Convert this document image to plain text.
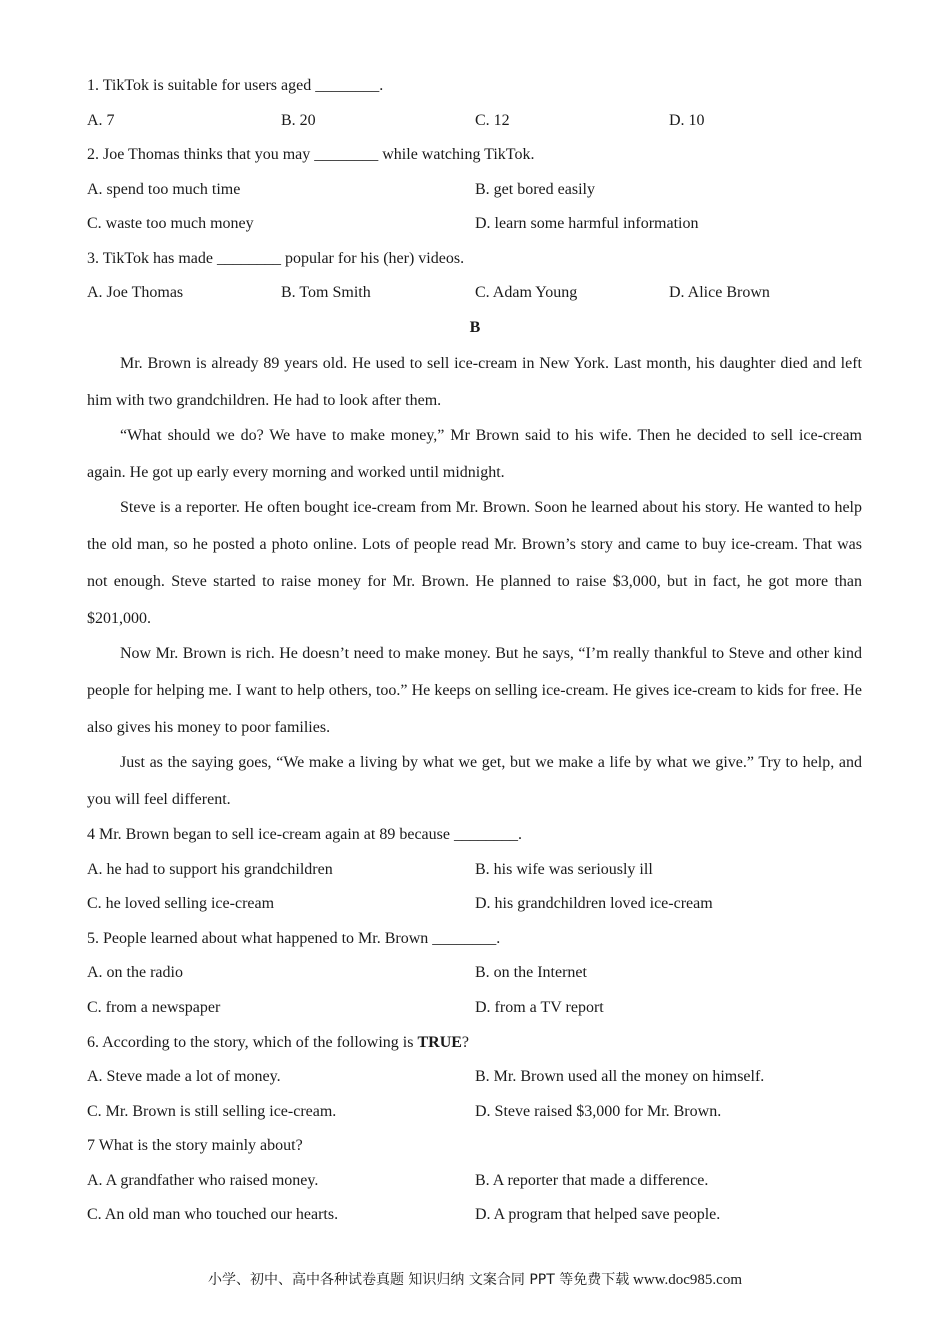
1. TikTok is suitable for users aged ________.
A. 7	B. 20	C. 12	D. 10
2. Joe Thomas thinks that you may ________ while watching TikTok.
A. spend too much time	B. get bored easily
C. waste too much money	D. learn some harmful information
3. TikTok has made ________ popular for his (her) videos.
A. Joe Thomas	B. Tom Smith	C. Adam Young	D. Alice Brown
B
Mr. Brown is already 89 years old. He used to sell ice-cream in New York. Last month, his daughter died and left him with two grandchildren. He had to look after them.
“What should we do? We have to make money,” Mr Brown said to his wife. Then he decided to sell ice-cream again. He got up early every morning and worked until midnight.
Steve is a reporter. He often bought ice-cream from Mr. Brown. Soon he learned about his story. He wanted to help the old man, so he posted a photo online. Lots of people read Mr. Brown’s story and came to buy ice-cream. That was not enough. Steve started to raise money for Mr. Brown. He planned to raise $3,000, but in fact, he got more than $201,000.
Now Mr. Brown is rich. He doesn’t need to make money. But he says, “I’m really thankful to Steve and other kind people for helping me. I want to help others, too.” He keeps on selling ice-cream. He gives ice-cream to kids for free. He also gives his money to poor families.
Just as the saying goes, “We make a living by what we get, but we make a life by what we give.” Try to help, and you will feel different.
4 Mr. Brown began to sell ice-cream again at 89 because ________.
A. he had to support his grandchildren	B. his wife was seriously ill
C. he loved selling ice-cream	D. his grandchildren loved ice-cream
5. People learned about what happened to Mr. Brown ________.
A. on the radio	B. on the Internet
C. from a newspaper	D. from a TV report
6. According to the story, which of the following is TRUE?
A. Steve made a lot of money.	B. Mr. Brown used all the money on himself.
C. Mr. Brown is still selling ice-cream.	D. Steve raised $3,000 for Mr. Brown.
7 What is the story mainly about?
A. A grandfather who raised money.	B. A reporter that made a difference.
C. An old man who touched our hearts.	D. A program that helped save people.
小学、初中、高中各种试卷真题 知识归纳 文案合同 PPT 等免费下载 www.doc985.com
